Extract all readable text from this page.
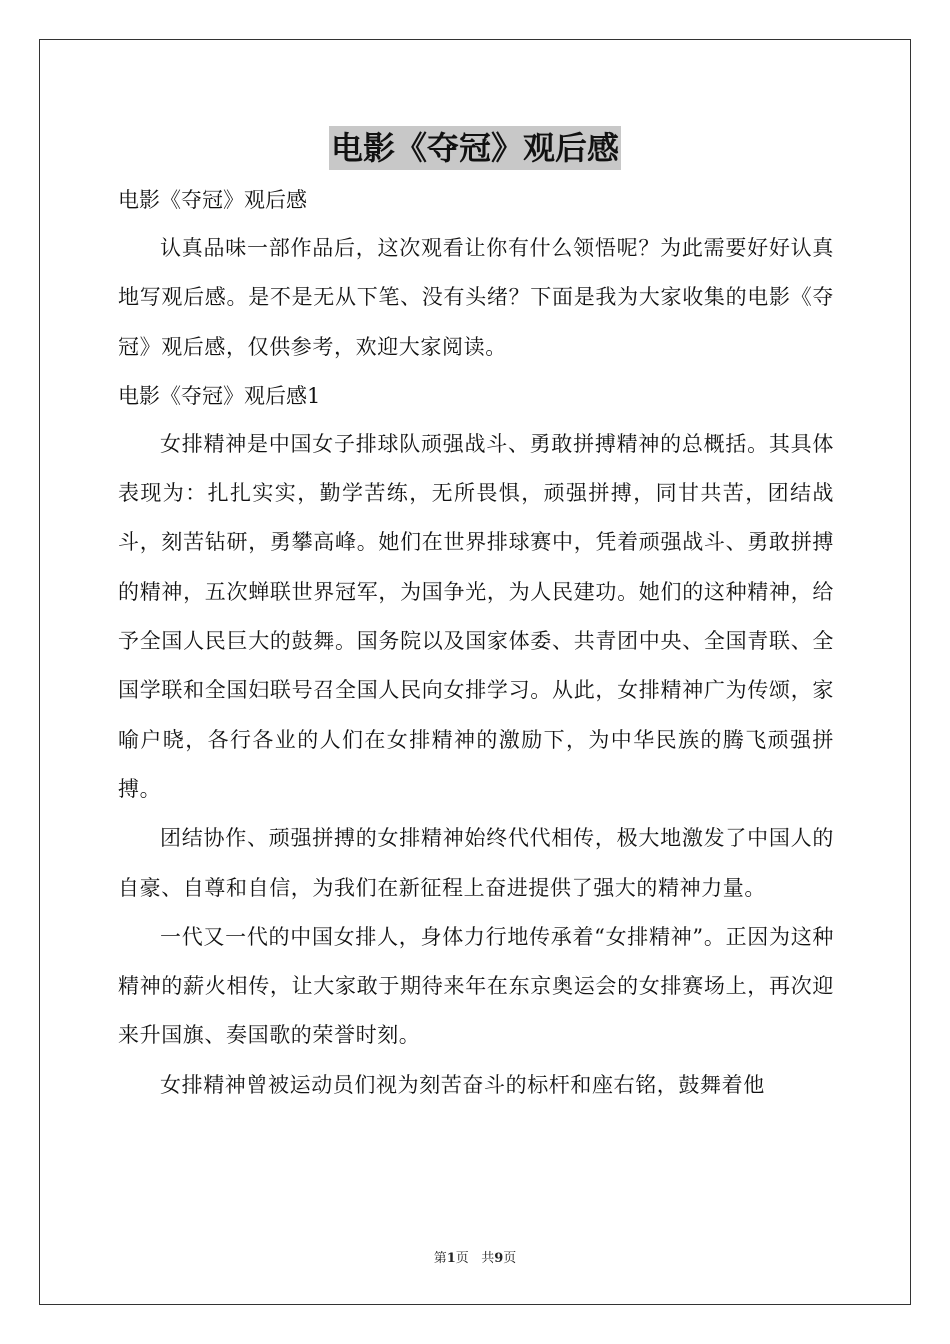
电影《夺冠》观后感

电影《夺冠》观后感

认真品味一部作品后，这次观看让你有什么领悟呢？为此需要好好认真地写观后感。是不是无从下笔、没有头绪？下面是我为大家收集的电影《夺冠》观后感，仅供参考，欢迎大家阅读。

电影《夺冠》观后感1

女排精神是中国女子排球队顽强战斗、勇敢拼搏精神的总概括。其具体表现为：扎扎实实，勤学苦练，无所畏惧，顽强拼搏，同甘共苦，团结战斗，刻苦钻研，勇攀高峰。她们在世界排球赛中，凭着顽强战斗、勇敢拼搏的精神，五次蝉联世界冠军，为国争光，为人民建功。她们的这种精神，给予全国人民巨大的鼓舞。国务院以及国家体委、共青团中央、全国青联、全国学联和全国妇联号召全国人民向女排学习。从此，女排精神广为传颂，家喻户晓，各行各业的人们在女排精神的激励下，为中华民族的腾飞顽强拼搏。

团结协作、顽强拼搏的女排精神始终代代相传，极大地激发了中国人的自豪、自尊和自信，为我们在新征程上奋进提供了强大的精神力量。

一代又一代的中国女排人，身体力行地传承着“女排精神”。正因为这种精神的薪火相传，让大家敢于期待来年在东京奥运会的女排赛场上，再次迎来升国旗、奏国歌的荣誉时刻。

女排精神曾被运动员们视为刻苦奋斗的标杆和座右铭，鼓舞着他

第1页   共9页
